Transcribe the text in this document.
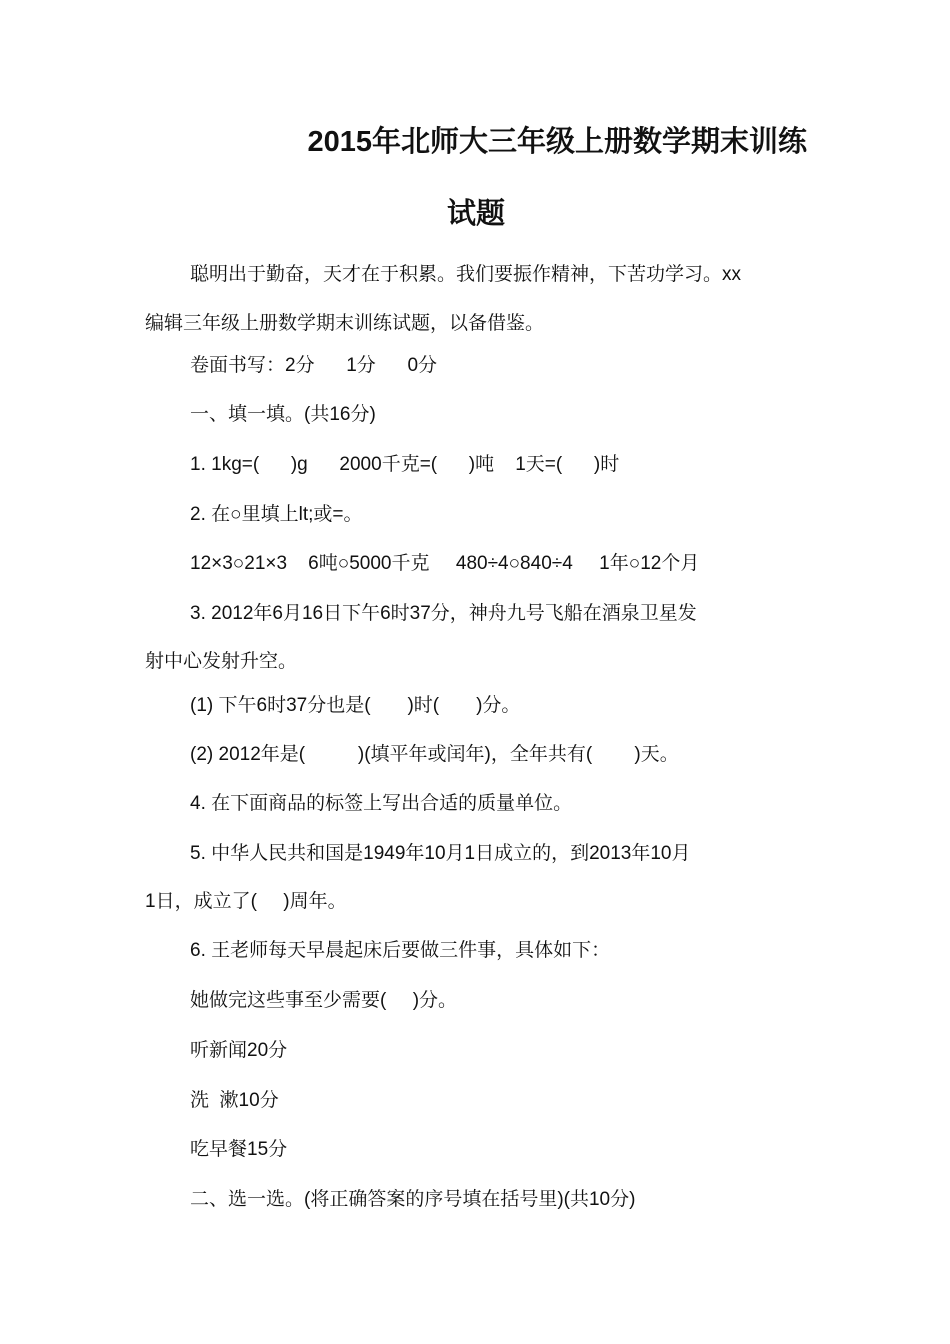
2015年北师大三年级上册数学期末训练
试题
聪明出于勤奋，天才在于积累。我们要振作精神，下苦功学习。xx
编辑三年级上册数学期末训练试题，以备借鉴。
卷面书写：2分      1分      0分
一、填一填。(共16分)
1. 1kg=(      )g      2000千克=(      )吨    1天=(      )时
2. 在○里填上lt;或=。
12×3○21×3    6吨○5000千克     480÷4○840÷4     1年○12个月
3. 2012年6月16日下午6时37分，神舟九号飞船在酒泉卫星发
射中心发射升空。
(1) 下午6时37分也是(       )时(       )分。
(2) 2012年是(          )(填平年或闰年)，全年共有(        )天。
4. 在下面商品的标签上写出合适的质量单位。
5. 中华人民共和国是1949年10月1日成立的，到2013年10月
1日，成立了(     )周年。
6. 王老师每天早晨起床后要做三件事，具体如下：
她做完这些事至少需要(     )分。
听新闻20分
洗  漱10分
吃早餐15分
二、选一选。(将正确答案的序号填在括号里)(共10分)
